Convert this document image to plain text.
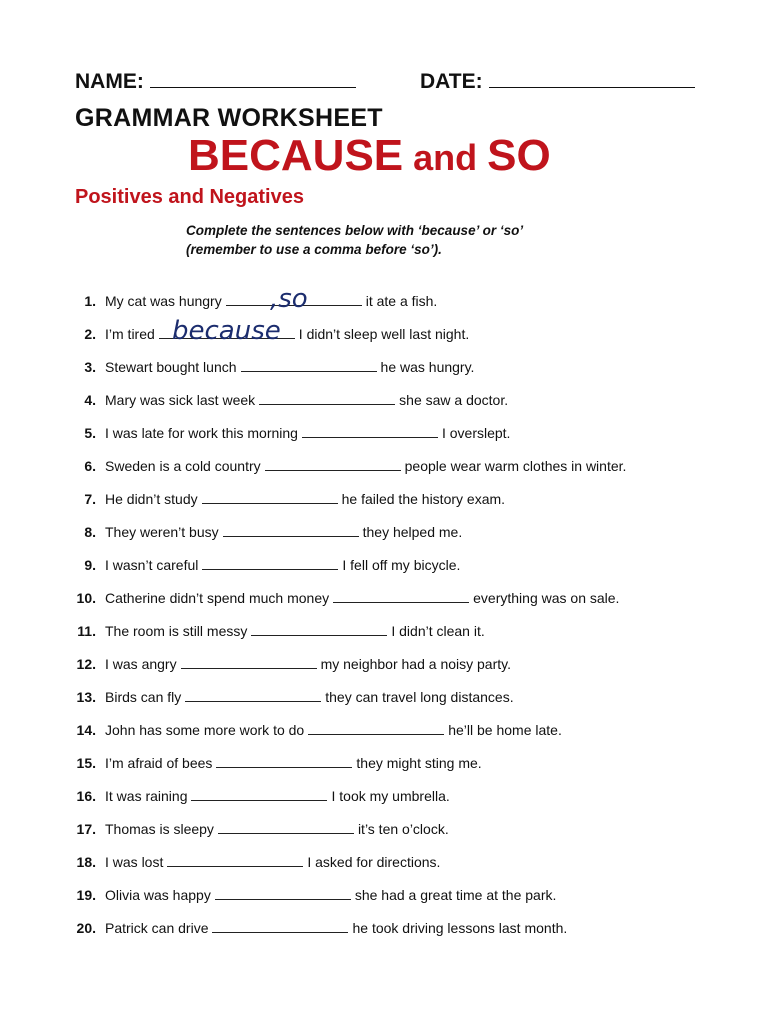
NAME:	DATE:
GRAMMAR WORKSHEET
BECAUSE and SO
Positives and Negatives
Complete the sentences below with ‘because’ or ‘so’
(remember to use a comma before ‘so’).
1. My cat was hungry	it ate a fish.
2. I’m tired	I didn’t sleep well last night.
3. Stewart bought lunch	he was hungry.
4. Mary was sick last week	she saw a doctor.
5. I was late for work this morning	I overslept.
6. Sweden is a cold country	people wear warm clothes in winter.
7. He didn’t study	he failed the history exam.
8. They weren’t busy	they helped me.
9. I wasn’t careful	I fell off my bicycle.
10. Catherine didn’t spend much money	everything was on sale.
11. The room is still messy	I didn’t clean it.
12. I was angry	my neighbor had a noisy party.
13. Birds can fly	they can travel long distances.
14. John has some more work to do	he’ll be home late.
15. I’m afraid of bees	they might sting me.
16. It was raining	I took my umbrella.
17. Thomas is sleepy	it’s ten o’clock.
18. I was lost	I asked for directions.
19. Olivia was happy	she had a great time at the park.
20. Patrick can drive	he took driving lessons last month.
,so
because
